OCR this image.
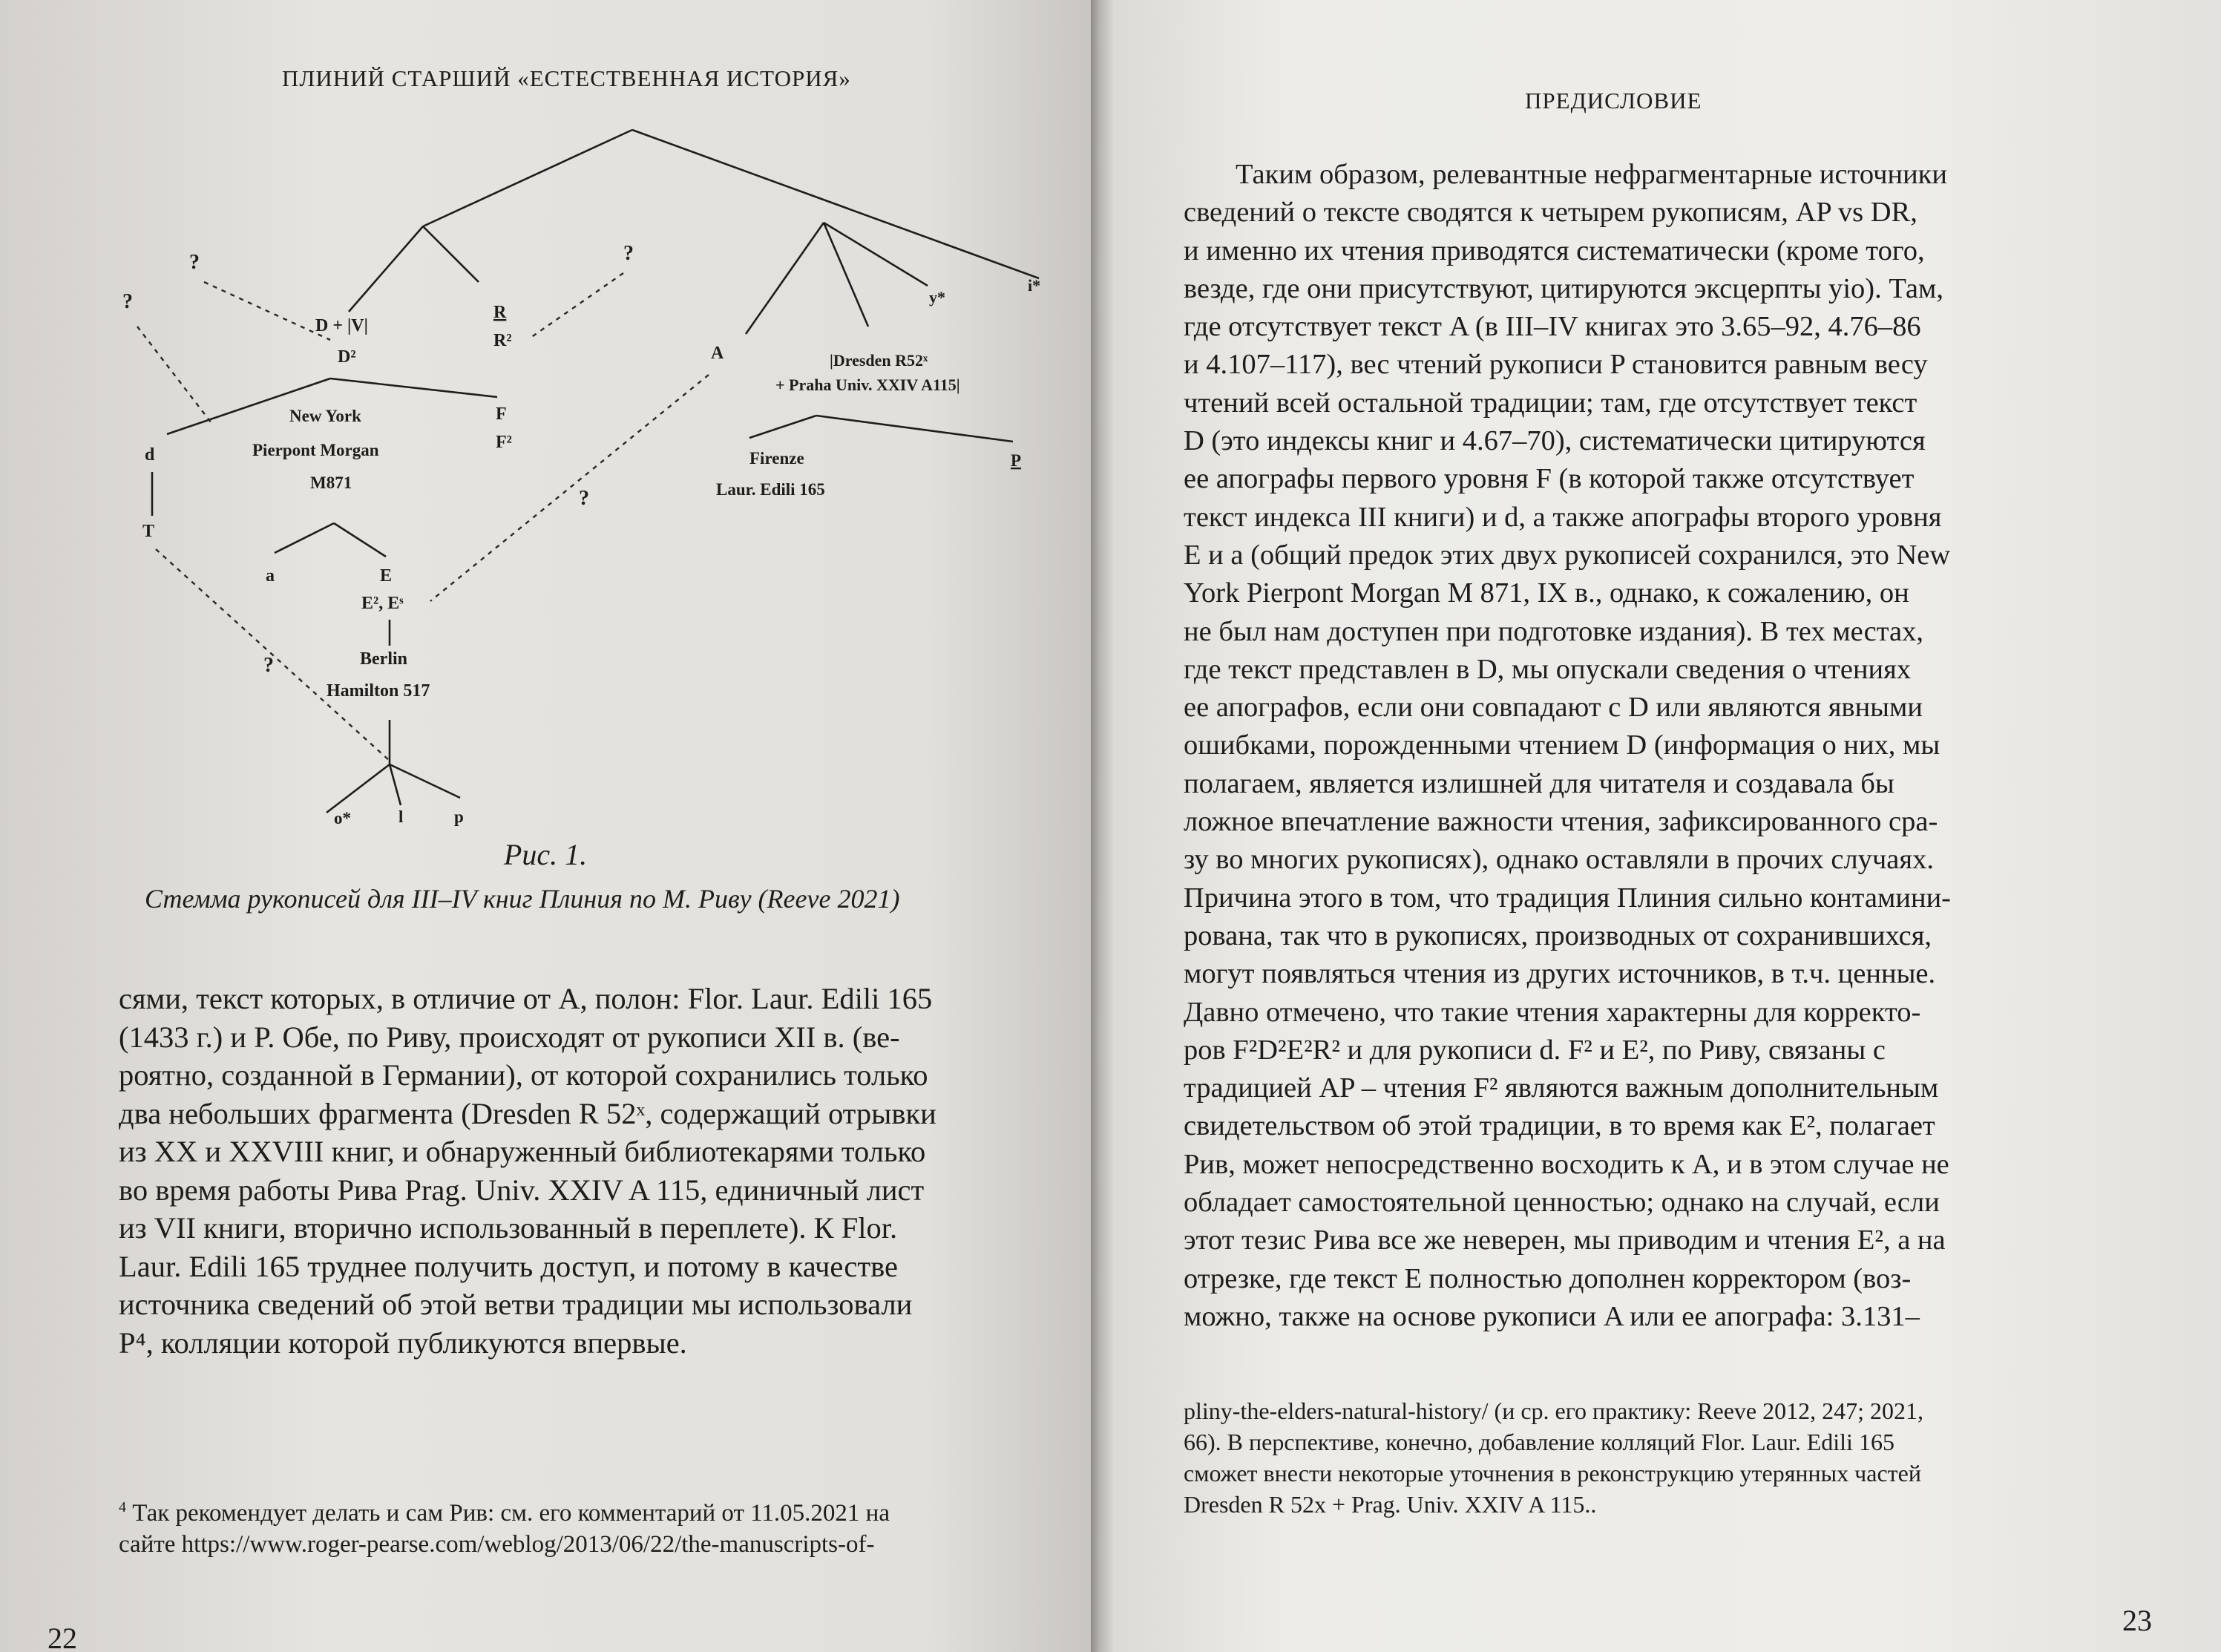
ПЛИНИЙ СТАРШИЙ «ЕСТЕСТВЕННАЯ ИСТОРИЯ»
?
?
?
?
?
D + |V|
D²
R
R²
A	|Dresden R52ˣ
+ Praha Univ. XXIV A115|
y*
i*
New York
Pierpont Morgan
M871
F
F²
Firenze
Laur. Edili 165
P
d
T
a	E
E², Eˢ
Berlin
Hamilton 517
o*	l	p
Рис. 1.
Стемма рукописей для III–IV книг Плиния по М. Риву (Reeve 2021)

сями, текст которых, в отличие от A, полон: Flor. Laur. Edili 165

(1433 г.) и P. Обе, по Риву, происходят от рукописи XII в. (ве-

роятно, созданной в Германии), от которой сохранились только

два небольших фрагмента (Dresden R 52ˣ, содержащий отрывки

из XX и XXVIII книг, и обнаруженный библиотекарями только

во время работы Рива Prag. Univ. XXIV A 115, единичный лист

из VII книги, вторично использованный в переплете). К Flor.

Laur. Edili 165 труднее получить доступ, и потому в качестве

источника сведений об этой ветви традиции мы использовали

P⁴, колляции которой публикуются впервые.

$^4$ Так рекомендует делать и сам Рив: см. его комментарий от 11.05.2021 на
сайте https://www.roger-pearse.com/weblog/2013/06/22/the-manuscripts-of-
22
ПРЕДИСЛОВИЕ

Таким образом, релевантные нефрагментарные источники

сведений о тексте сводятся к четырем рукописям, AP vs DR,
и именно их чтения приводятся систематически (кроме того,
везде, где они присутствуют, цитируются эксцерпты yio). Там,
где отсутствует текст A (в III–IV книгах это 3.65–92, 4.76–86
и 4.107–117), вес чтений рукописи P становится равным весу
чтений всей остальной традиции; там, где отсутствует текст
D (это индексы книг и 4.67–70), систематически цитируются
ее апографы первого уровня F (в которой также отсутствует
текст индекса III книги) и d, а также апографы второго уровня
E и a (общий предок этих двух рукописей сохранился, это New
York Pierpont Morgan M 871, IX в., однако, к сожалению, он
не был нам доступен при подготовке издания). В тех местах,
где текст представлен в D, мы опускали сведения о чтениях
ее апографов, если они совпадают с D или являются явными
ошибками, порожденными чтением D (информация о них, мы
полагаем, является излишней для читателя и создавала бы
ложное впечатление важности чтения, зафиксированного сра-
зу во многих рукописях), однако оставляли в прочих случаях.
Причина этого в том, что традиция Плиния сильно контамини-
рована, так что в рукописях, производных от сохранившихся,
могут появляться чтения из других источников, в т.ч. ценные.
Давно отмечено, что такие чтения характерны для корректо-
ров F²D²E²R² и для рукописи d. F² и E², по Риву, связаны с
традицией AP – чтения F² являются важным дополнительным
свидетельством об этой традиции, в то время как E², полагает
Рив, может непосредственно восходить к A, и в этом случае не
обладает самостоятельной ценностью; однако на случай, если
этот тезис Рива все же неверен, мы приводим и чтения E², а на
отрезке, где текст E полностью дополнен корректором (воз-
можно, также на основе рукописи A или ее апографа: 3.131–
pliny-the-elders-natural-history/ (и ср. его практику: Reeve 2012, 247; 2021,
66). В перспективе, конечно, добавление колляций Flor. Laur. Edili 165
сможет внести некоторые уточнения в реконструкцию утерянных частей
Dresden R 52x + Prag. Univ. XXIV A 115..
23
